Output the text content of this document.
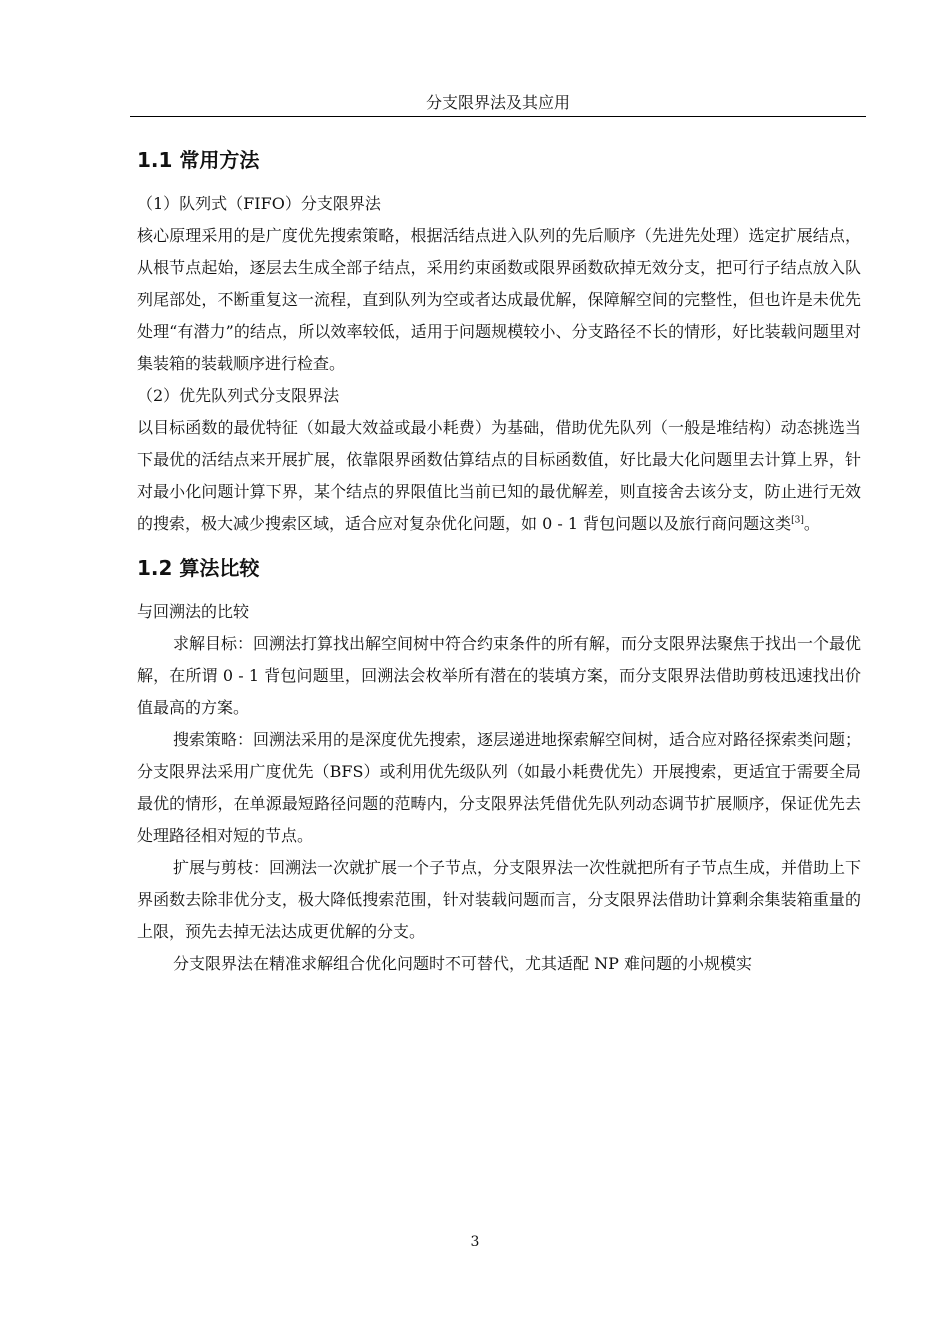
分支限界法及其应用
1.1 常用方法

（1）队列式（FIFO）分支限界法

核心原理采用的是广度优先搜索策略，根据活结点进入队列的先后顺序（先进先处理）选定扩展结点，从根节点起始，逐层去生成全部子结点，采用约束函数或限界函数砍掉无效分支，把可行子结点放入队列尾部处，不断重复这一流程，直到队列为空或者达成最优解，保障解空间的完整性，但也许是未优先处理“有潜力”的结点，所以效率较低，适用于问题规模较小、分支路径不长的情形，好比装载问题里对集装箱的装载顺序进行检查。

（2）优先队列式分支限界法

以目标函数的最优特征（如最大效益或最小耗费）为基础，借助优先队列（一般是堆结构）动态挑选当下最优的活结点来开展扩展，依靠限界函数估算结点的目标函数值，好比最大化问题里去计算上界，针对最小化问题计算下界，某个结点的界限值比当前已知的最优解差，则直接舍去该分支，防止进行无效的搜索，极大减少搜索区域，适合应对复杂优化问题，如 0 - 1 背包问题以及旅行商问题这类[3]。

1.2 算法比较

与回溯法的比较

求解目标：回溯法打算找出解空间树中符合约束条件的所有解，而分支限界法聚焦于找出一个最优解，在所谓 0 - 1 背包问题里，回溯法会枚举所有潜在的装填方案，而分支限界法借助剪枝迅速找出价值最高的方案。

搜索策略：回溯法采用的是深度优先搜索，逐层递进地探索解空间树，适合应对路径探索类问题；分支限界法采用广度优先（BFS）或利用优先级队列（如最小耗费优先）开展搜索，更适宜于需要全局最优的情形，在单源最短路径问题的范畴内，分支限界法凭借优先队列动态调节扩展顺序，保证优先去处理路径相对短的节点。

扩展与剪枝：回溯法一次就扩展一个子节点，分支限界法一次性就把所有子节点生成，并借助上下界函数去除非优分支，极大降低搜索范围，针对装载问题而言，分支限界法借助计算剩余集装箱重量的上限，预先去掉无法达成更优解的分支。

分支限界法在精准求解组合优化问题时不可替代，尤其适配 NP 难问题的小规模实

3
